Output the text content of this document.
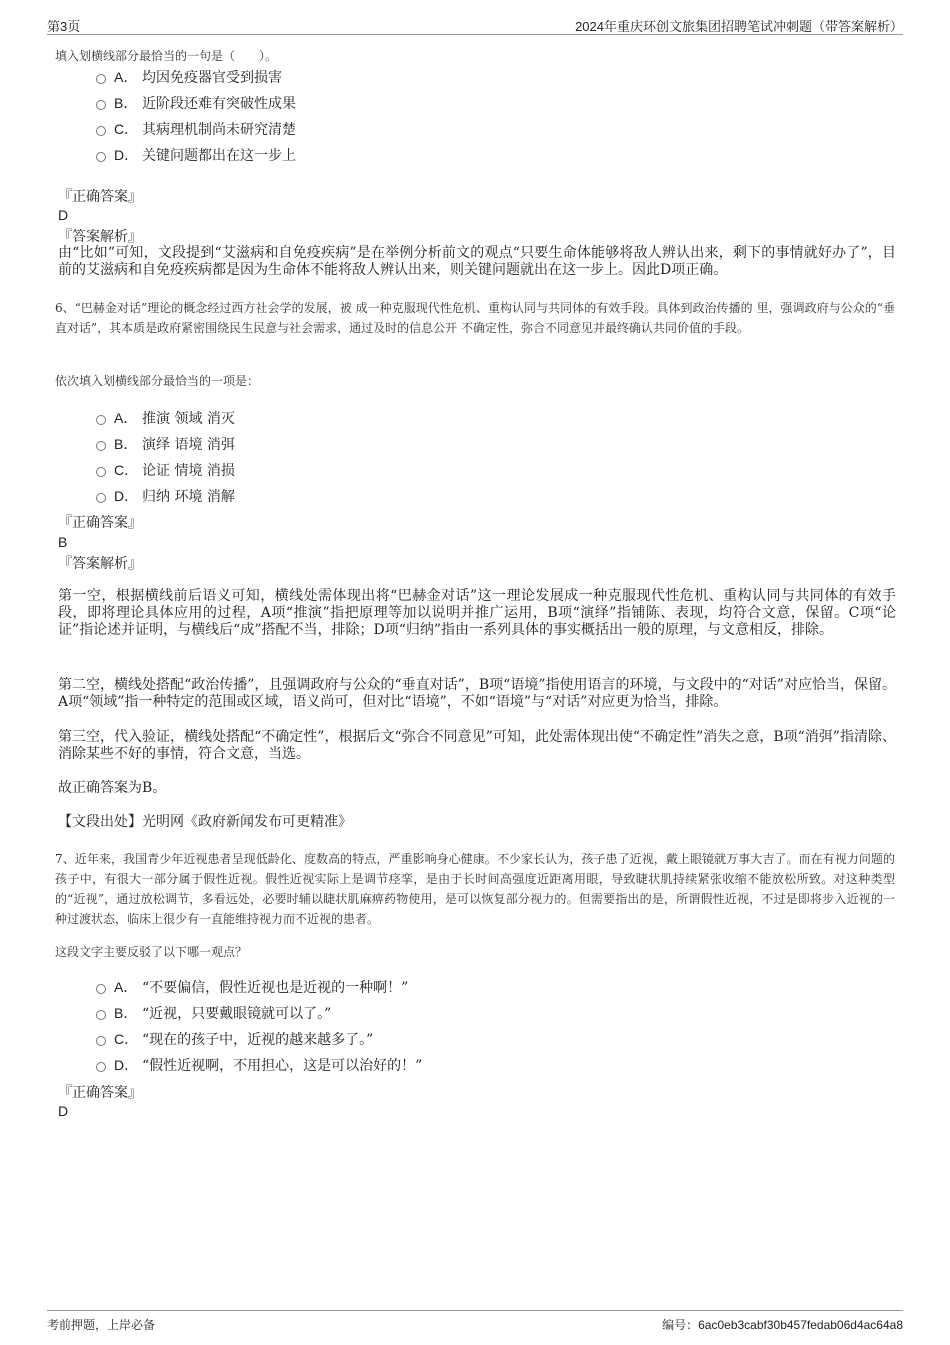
第3页	2024年重庆环创文旅集团招聘笔试冲刺题（带答案解析）
填入划横线部分最恰当的一句是（　　）。
A． 均因免疫器官受到损害
B． 近阶段还难有突破性成果
C． 其病理机制尚未研究清楚
D． 关键问题都出在这一步上
『正确答案』
D
『答案解析』
由“比如”可知，文段提到“艾滋病和自免疫疾病”是在举例分析前文的观点“只要生命体能够将敌人辨认出来，剩下的事情就好办了”，目前的艾滋病和自免疫疾病都是因为生命体不能将敌人辨认出来，则关键问题就出在这一步上。因此D项正确。
6、“巴赫金对话”理论的概念经过西方社会学的发展，被 成一种克服现代性危机、重构认同与共同体的有效手段。具体到政治传播的 里，强调政府与公众的“垂直对话”，其本质是政府紧密围绕民生民意与社会需求，通过及时的信息公开 不确定性，弥合不同意见并最终确认共同价值的手段。
依次填入划横线部分最恰当的一项是：
A． 推演 领域 消灭
B． 演绎 语境 消弭
C． 论证 情境 消损
D． 归纳 环境 消解
『正确答案』
B
『答案解析』
第一空，根据横线前后语义可知，横线处需体现出将“巴赫金对话”这一理论发展成一种克服现代性危机、重构认同与共同体的有效手段，即将理论具体应用的过程，A项“推演”指把原理等加以说明并推广运用，B项“演绎”指铺陈、表现，均符合文意，保留。C项“论证”指论述并证明，与横线后“成”搭配不当，排除；D项“归纳”指由一系列具体的事实概括出一般的原理，与文意相反，排除。
第二空，横线处搭配“政治传播”，且强调政府与公众的“垂直对话”，B项“语境”指使用语言的环境，与文段中的“对话”对应恰当，保留。A项“领域”指一种特定的范围或区域，语义尚可，但对比“语境”，不如“语境”与“对话”对应更为恰当，排除。
第三空，代入验证，横线处搭配“不确定性”，根据后文“弥合不同意见”可知，此处需体现出使“不确定性”消失之意，B项“消弭”指清除、消除某些不好的事情，符合文意，当选。
故正确答案为B。
【文段出处】光明网《政府新闻发布可更精准》
7、近年来，我国青少年近视患者呈现低龄化、度数高的特点，严重影响身心健康。不少家长认为，孩子患了近视，戴上眼镜就万事大吉了。而在有视力问题的孩子中，有很大一部分属于假性近视。假性近视实际上是调节痉挛，是由于长时间高强度近距离用眼，导致睫状肌持续紧张收缩不能放松所致。对这种类型的“近视”，通过放松调节，多看远处，必要时辅以睫状肌麻痹药物使用，是可以恢复部分视力的。但需要指出的是，所谓假性近视，不过是即将步入近视的一种过渡状态，临床上很少有一直能维持视力而不近视的患者。
这段文字主要反驳了以下哪一观点？
A． “不要偏信，假性近视也是近视的一种啊！”
B． “近视，只要戴眼镜就可以了。”
C． “现在的孩子中，近视的越来越多了。”
D． “假性近视啊，不用担心，这是可以治好的！”
『正确答案』
D
考前押题，上岸必备	编号：6ac0eb3cabf30b457fedab06d4ac64a8
